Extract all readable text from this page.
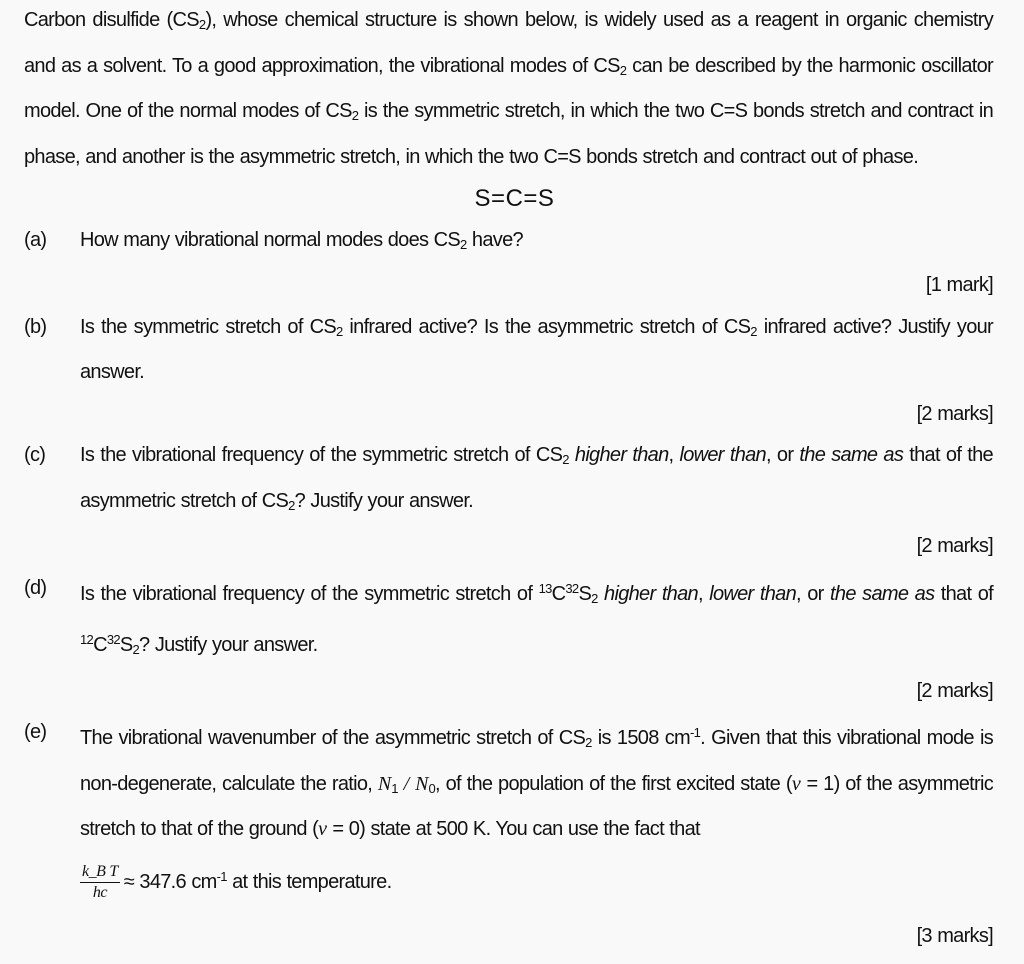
Carbon disulfide $(CS_2)$, whose chemical structure is shown below, is widely used as a reagent in organic chemistry and as a solvent. To a good approximation, the vibrational modes of $CS_2$ can be described by the harmonic oscillator model. One of the normal modes of $CS_2$ is the symmetric stretch, in which the two C=S bonds stretch and contract in phase, and another is the asymmetric stretch, in which the two C=S bonds stretch and contract out of phase.
S=C=S
(a)	How many vibrational normal modes does $CS_2$ have?
[1 mark]
(b)	Is the symmetric stretch of $CS_2$ infrared active? Is the asymmetric stretch of $CS_2$ infrared active? Justify your answer.
[2 marks]
(c)	Is the vibrational frequency of the symmetric stretch of $CS_2$ higher than, lower than, or the same as that of the asymmetric stretch of $CS_2$? Justify your answer.
[2 marks]
(d)	Is the vibrational frequency of the symmetric stretch of $^{13}C^{32}S_2$ higher than, lower than, or the same as that of $^{12}C^{32}S_2$? Justify your answer.
[2 marks]
(e)	The vibrational wavenumber of the asymmetric stretch of $CS_2$ is 1508 $cm^{-1}$. Given that this vibrational mode is non-degenerate, calculate the ratio, $N_1 / N_0$, of the population of the first excited state (v = 1) of the asymmetric stretch to that of the ground (v = 0) state at 500 K. You can use the fact that
$\frac{\text{k\_B T}}{hc} \approx 347.6$ $cm^{-1}$ at this temperature.
[3 marks]
